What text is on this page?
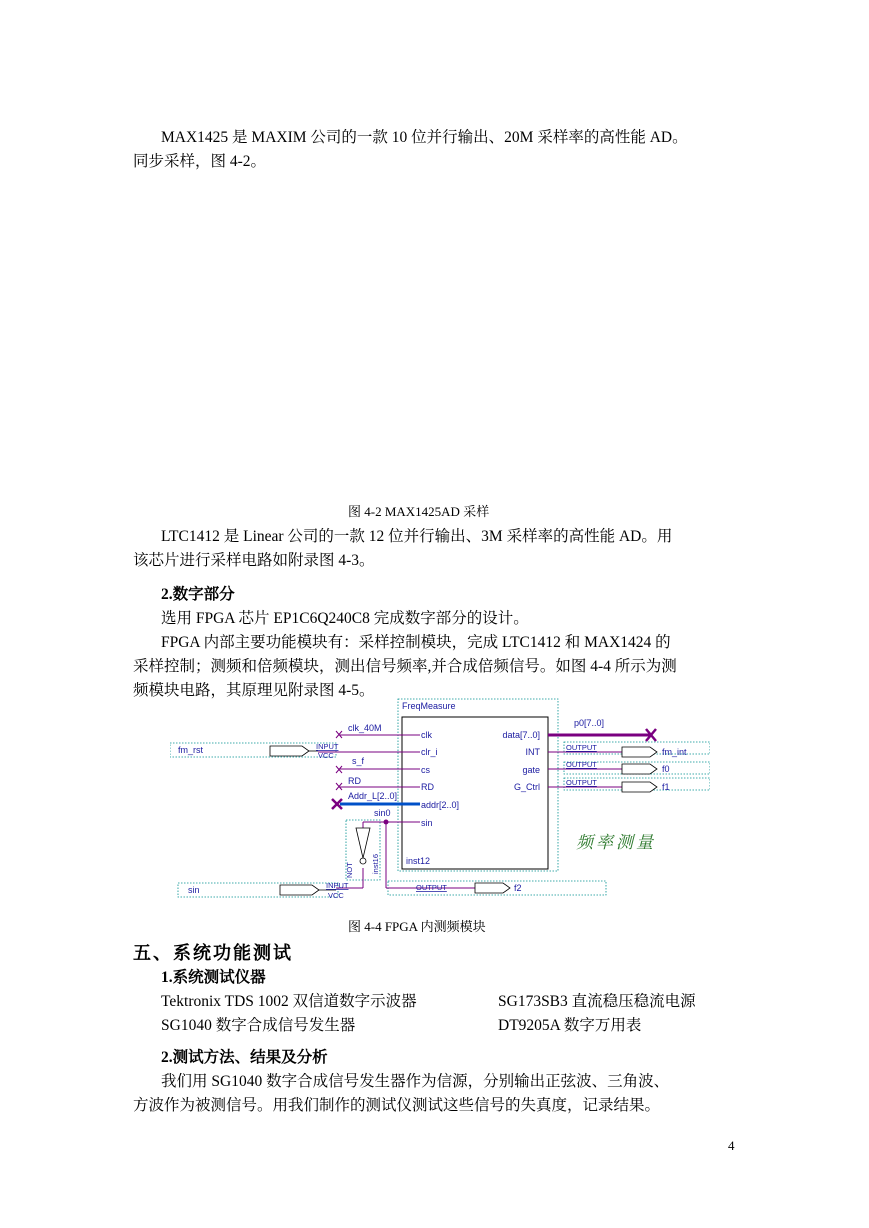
MAX1425 是 MAXIM 公司的一款 10 位并行输出、20M 采样率的高性能 AD。
同步采样，图 4-2。
图 4-2 MAX1425AD 采样
LTC1412 是 Linear 公司的一款 12 位并行输出、3M 采样率的高性能 AD。用
该芯片进行采样电路如附录图 4-3。
2.数字部分
选用 FPGA 芯片 EP1C6Q240C8 完成数字部分的设计。
FPGA 内部主要功能模块有：采样控制模块，完成 LTC1412 和 MAX1424 的
采样控制；测频和倍频模块，测出信号频率,并合成倍频信号。如图 4-4 所示为测
频模块电路，其原理见附录图 4-5。
FreqMeasure
inst12
clk
clr_i
cs
RD
addr[2..0]
sin
data[7..0]
INT
gate
G_Ctrl
clk_40M
s_f
RD
Addr_L[2..0]
sin0
fm_rst	INPUT
VCC
sin	INPUT
VCC
NOT inst16
OUTPUT	f2
p0[7..0]
OUTPUT
OUTPUT
OUTPUT
fm_int
f0
f1
频率测量
图 4-4 FPGA 内测频模块
五、系统功能测试
1.系统测试仪器
Tektronix TDS 1002 双信道数字示波器	SG173SB3 直流稳压稳流电源
SG1040 数字合成信号发生器	DT9205A 数字万用表
2.测试方法、结果及分析
我们用 SG1040 数字合成信号发生器作为信源，分别输出正弦波、三角波、
方波作为被测信号。用我们制作的测试仪测试这些信号的失真度，记录结果。
4
